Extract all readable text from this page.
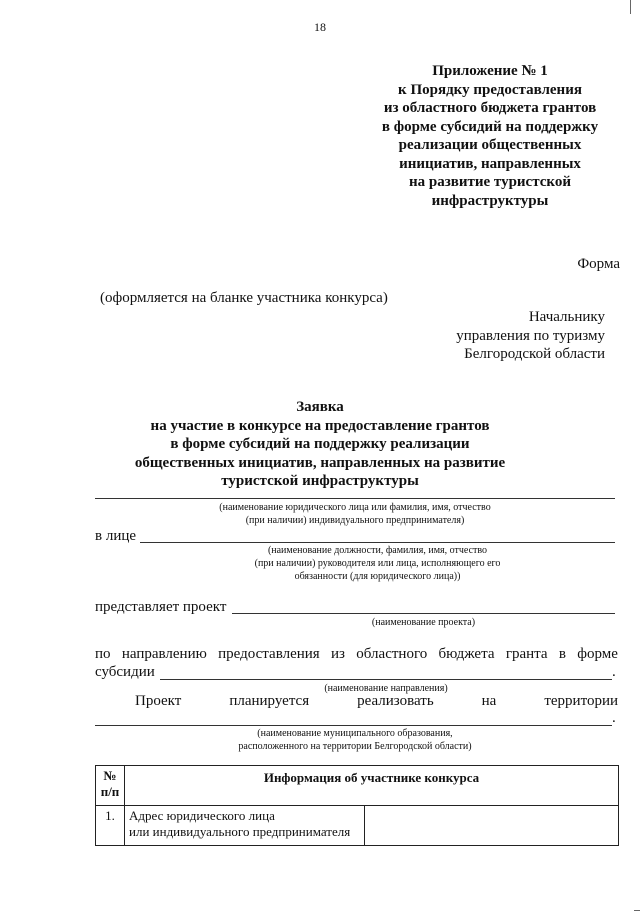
18
Приложение № 1
к Порядку предоставления
из областного бюджета грантов
в форме субсидий на поддержку
реализации общественных
инициатив, направленных
на развитие туристской
инфраструктуры
Форма
(оформляется на бланке участника конкурса)
Начальнику
управления по туризму
Белгородской области
Заявка
на участие в конкурсе на предоставление грантов
в форме субсидий на поддержку реализации
общественных инициатив, направленных на развитие
туристской инфраструктуры
(наименование юридического лица или фамилия, имя, отчество
(при наличии) индивидуального предпринимателя)
в лице
(наименование должности, фамилия, имя, отчество
(при наличии) руководителя или лица, исполняющего его
обязанности (для юридического лица))
представляет проект
(наименование проекта)
по направлению предоставления из областного бюджета гранта в форме
субсидии	.
(наименование направления)
Проект	планируется	реализовать	на	территории
.
(наименование муниципального образования,
расположенного на территории Белгородской области)
№
п/п	Информация об участнике конкурса	
1.	Адрес юридического лица
или индивидуального предпринимателя	
